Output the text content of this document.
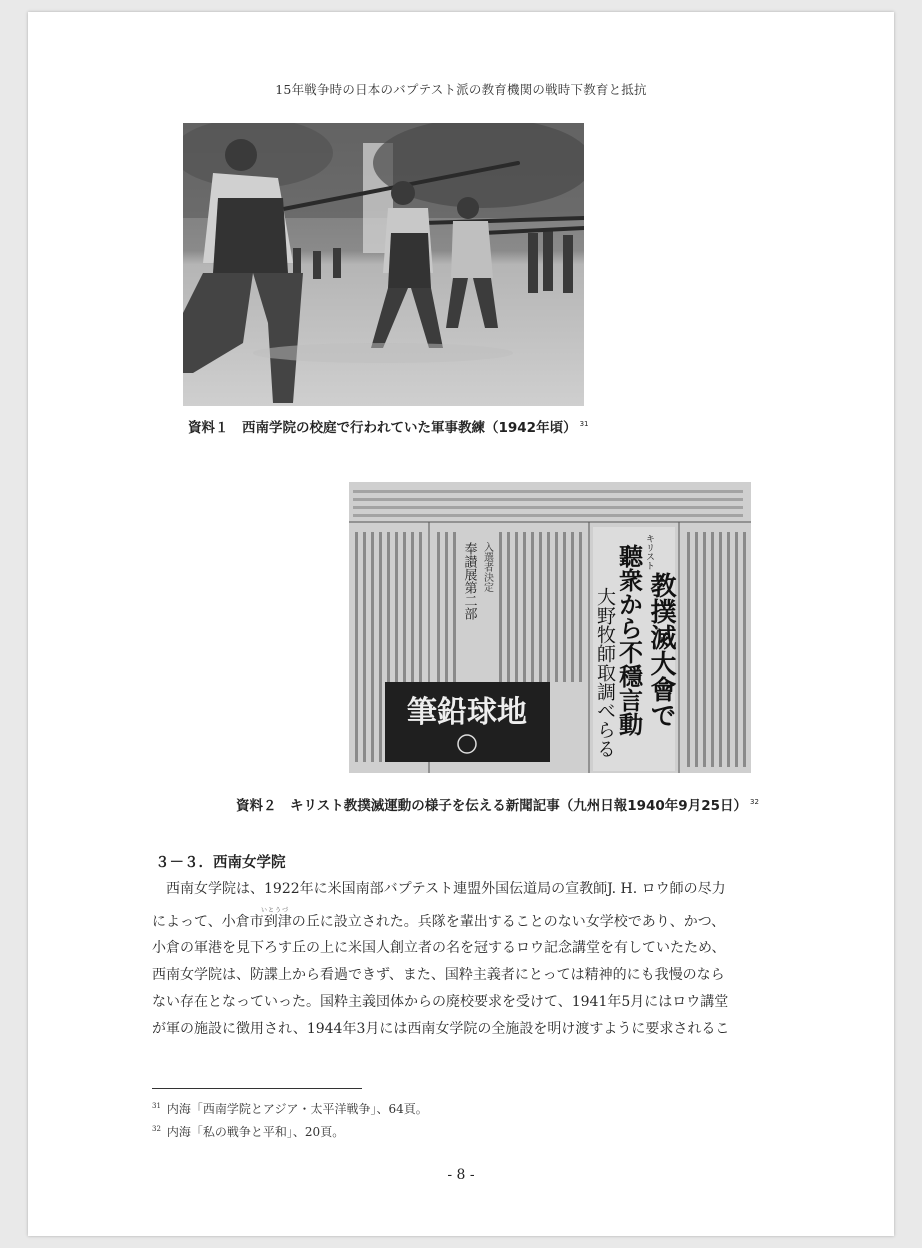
15年戦争時の日本のバプテスト派の教育機関の戦時下教育と抵抗
資料１　西南学院の校庭で行われていた軍事教練（1942年頃） $^{31}$
筆鉛球地
奉讃展第二部 入選者決定	キリスト
教撲滅大會で
聽衆から不穩言動
大野牧師取調べらる
資料２　キリスト教撲滅運動の様子を伝える新聞記事（九州日報1940年9月25日） $^{32}$
３－３．西南女学院
いとうづ
　西南女学院は、1922年に米国南部バプテスト連盟外国伝道局の宣教師J. H. ロウ師の尽力
によって、小倉市到津の丘に設立された。兵隊を輩出することのない女学校であり、かつ、
小倉の軍港を見下ろす丘の上に米国人創立者の名を冠するロウ記念講堂を有していたため、
西南女学院は、防諜上から看過できず、また、国粋主義者にとっては精神的にも我慢のなら
ない存在となっていった。国粋主義団体からの廃校要求を受けて、1941年5月にはロウ講堂
が軍の施設に徴用され、1944年3月には西南女学院の全施設を明け渡すように要求されるこ
$^{31}$ 内海「西南学院とアジア・太平洋戦争」、64頁。
$^{32}$ 内海「私の戦争と平和」、20頁。
- 8 -
